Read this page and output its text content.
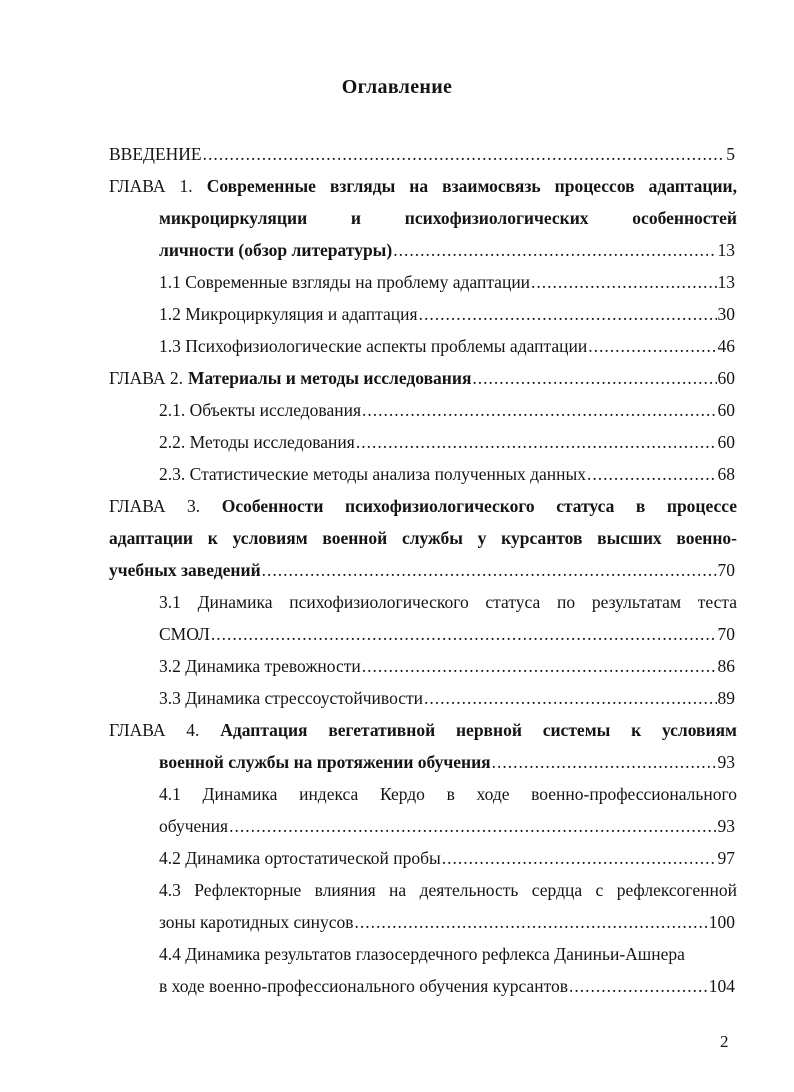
Оглавление
ВВЕДЕНИЕ .....	5
ГЛАВА 1. Современные взгляды на взаимосвязь процессов адаптации,
микроциркуляции и психофизиологических особенностей
личности (обзор литературы) .....	13
1.1 Современные взгляды на проблему адаптации .....	13
1.2 Микроциркуляция и адаптация .....	30
1.3 Психофизиологические аспекты проблемы адаптации .....	46
ГЛАВА 2. Материалы и методы исследования .....	60
2.1. Объекты исследования .....	60
2.2. Методы исследования .....	60
2.3. Статистические методы анализа полученных данных .....	68
ГЛАВА 3. Особенности психофизиологического статуса в процессе
адаптации к условиям военной службы у курсантов высших военно-
учебных заведений .....	70
3.1 Динамика психофизиологического статуса по результатам теста
СМОЛ .....	70
3.2 Динамика тревожности .....	86
3.3 Динамика стрессоустойчивости .....	89
ГЛАВА 4. Адаптация вегетативной нервной системы к условиям
военной службы на протяжении обучения .....	93
4.1 Динамика индекса Кердо в ходе военно-профессионального
обучения .....	93
4.2 Динамика ортостатической пробы .....	97
4.3 Рефлекторные влияния на деятельность сердца с рефлексогенной
зоны каротидных синусов .....	100
4.4 Динамика результатов глазосердечного рефлекса Даниньи-Ашнера
в ходе военно-профессионального обучения курсантов .....	104
2
